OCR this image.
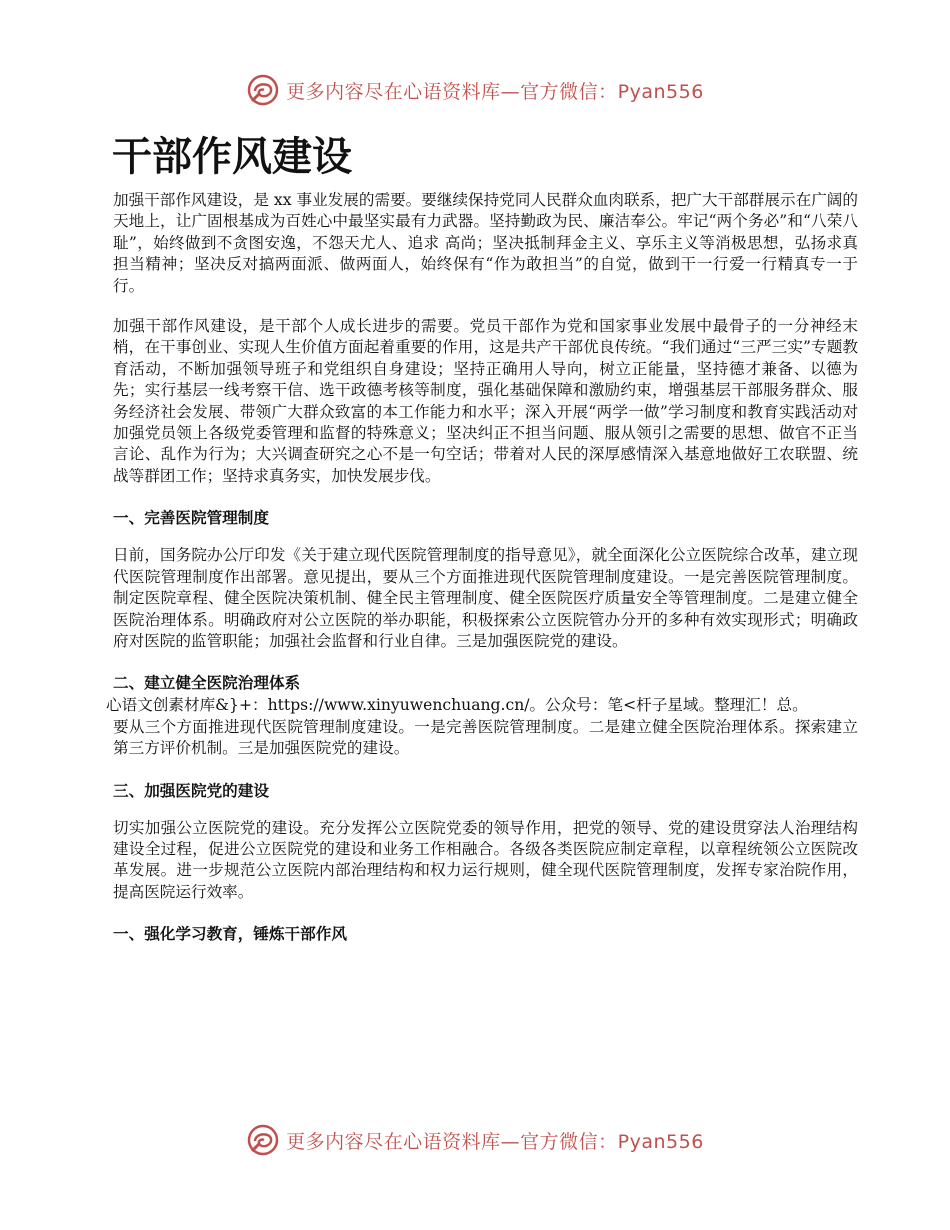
更多内容尽在心语资料库—官方微信：Pyan556
干部作风建设

加强干部作风建设，是 xx 事业发展的需要。要继续保持党同人民群众血肉联系，把广大干部群展示在广阔的天地上，让广固根基成为百姓心中最坚实最有力武器。坚持勤政为民、廉洁奉公。牢记“两个务必”和“八荣八耻”，始终做到不贪图安逸，不怨天尤人、追求 高尚；坚决抵制拜金主义、享乐主义等消极思想，弘扬求真担当精神；坚决反对搞两面派、做两面人，始终保有“作为敢担当”的自觉，做到干一行爱一行精真专一于行。

加强干部作风建设，是干部个人成长进步的需要。党员干部作为党和国家事业发展中最骨子的一分神经末梢，在干事创业、实现人生价值方面起着重要的作用，这是共产干部优良传统。“我们通过“三严三实”专题教育活动，不断加强领导班子和党组织自身建设；坚持正确用人导向，树立正能量，坚持德才兼备、以德为先；实行基层一线考察干信、选干政德考核等制度，强化基础保障和激励约束，增强基层干部服务群众、服务经济社会发展、带领广大群众致富的本工作能力和水平；深入开展“两学一做”学习制度和教育实践活动对加强党员领上各级党委管理和监督的特殊意义；坚决纠正不担当问题、服从领引之需要的思想、做官不正当言论、乱作为行为；大兴调查研究之心不是一句空话；带着对人民的深厚感情深入基意地做好工农联盟、统战等群团工作；坚持求真务实，加快发展步伐。

一、完善医院管理制度

日前，国务院办公厅印发《关于建立现代医院管理制度的指导意见》，就全面深化公立医院综合改革，建立现代医院管理制度作出部署。意见提出，要从三个方面推进现代医院管理制度建设。一是完善医院管理制度。制定医院章程、健全医院决策机制、健全民主管理制度、健全医院医疗质量安全等管理制度。二是建立健全医院治理体系。明确政府对公立医院的举办职能，积极探索公立医院管办分开的多种有效实现形式；明确政府对医院的监管职能；加强社会监督和行业自律。三是加强医院党的建设。

二、建立健全医院治理体系
心语文创素材库&}+：https://www.xinyuwenchuang.cn/。公众号：笔<杆子星域。整理汇！总。

要从三个方面推进现代医院管理制度建设。一是完善医院管理制度。二是建立健全医院治理体系。探索建立第三方评价机制。三是加强医院党的建设。

三、加强医院党的建设

切实加强公立医院党的建设。充分发挥公立医院党委的领导作用，把党的领导、党的建设贯穿法人治理结构建设全过程，促进公立医院党的建设和业务工作相融合。各级各类医院应制定章程，以章程统领公立医院改革发展。进一步规范公立医院内部治理结构和权力运行规则，健全现代医院管理制度，发挥专家治院作用，提高医院运行效率。

一、强化学习教育，锤炼干部作风
更多内容尽在心语资料库—官方微信：Pyan556
